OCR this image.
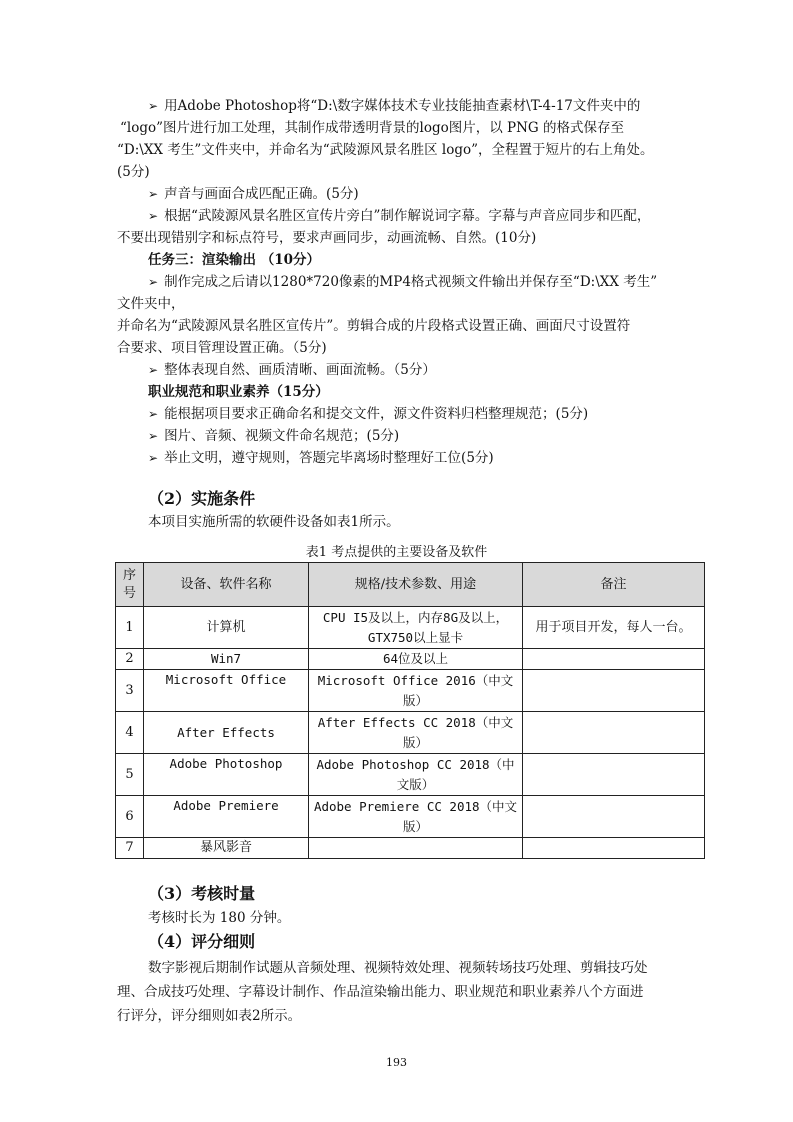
➢ 用Adobe Photoshop将“D:\数字媒体技术专业技能抽查素材\T-4-17文件夹中的
“logo”图片进行加工处理，其制作成带透明背景的logo图片，以 PNG 的格式保存至
“D:\XX 考生”文件夹中，并命名为“武陵源风景名胜区 logo”，全程置于短片的右上角处。
(5分)
➢ 声音与画面合成匹配正确。(5分)
➢ 根据“武陵源风景名胜区宣传片旁白”制作解说词字幕。字幕与声音应同步和匹配，
不要出现错别字和标点符号，要求声画同步，动画流畅、自然。(10分)
任务三：渲染输出 （10分）
➢ 制作完成之后请以1280*720像素的MP4格式视频文件输出并保存至“D:\XX 考生”
文件夹中，
并命名为“武陵源风景名胜区宣传片”。剪辑合成的片段格式设置正确、画面尺寸设置符
合要求、项目管理设置正确。（5分)
➢ 整体表现自然、画质清晰、画面流畅。（5分）
职业规范和职业素养（15分）
➢ 能根据项目要求正确命名和提交文件，源文件资料归档整理规范；(5分)
➢ 图片、音频、视频文件命名规范；(5分)
➢ 举止文明，遵守规则，答题完毕离场时整理好工位(5分)
（2）实施条件
本项目实施所需的软硬件设备如表1所示。
表1 考点提供的主要设备及软件
序号	设备、软件名称	规格/技术参数、用途	备注
1	计算机	CPU I5及以上，内存8G及以上，GTX750以上显卡	用于项目开发，每人一台。
2	Win7	64位及以上	
3	Microsoft Office	Microsoft Office 2016（中文版）	
4	After Effects	After Effects CC 2018（中文版）	
5	Adobe Photoshop	Adobe Photoshop CC 2018（中文版）	
6	Adobe Premiere	Adobe Premiere CC 2018（中文版）	
7	暴风影音		
（3）考核时量
考核时长为 180 分钟。
（4）评分细则
数字影视后期制作试题从音频处理、视频特效处理、视频转场技巧处理、剪辑技巧处
理、合成技巧处理、字幕设计制作、作品渲染输出能力、职业规范和职业素养八个方面进
行评分，评分细则如表2所示。
193
